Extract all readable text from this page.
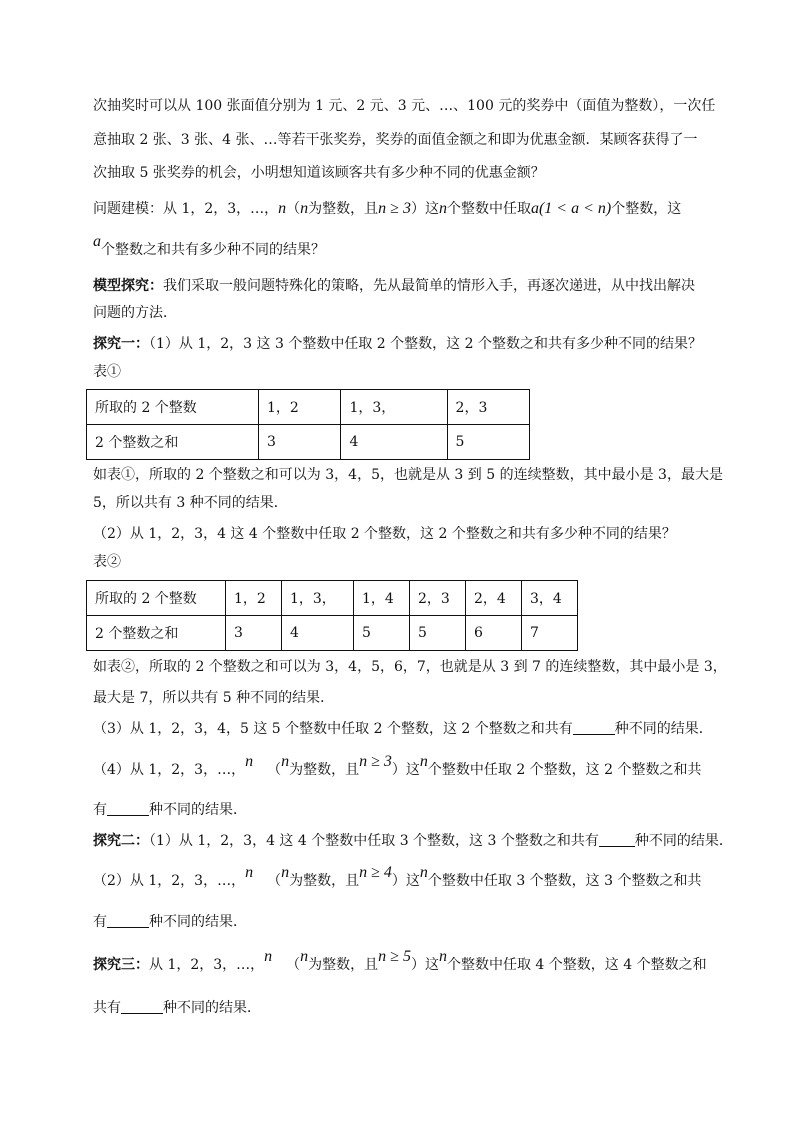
次抽奖时可以从 100 张面值分别为 1 元、2 元、3 元、…、100 元的奖券中（面值为整数），一次任
意抽取 2 张、3 张、4 张、…等若干张奖券，奖券的面值金额之和即为优惠金额．某顾客获得了一
次抽取 5 张奖券的机会，小明想知道该顾客共有多少种不同的优惠金额？
问题建模：从 1，2，3，…，n（n为整数，且n ≥ 3）这n个整数中任取a(1 < a < n)个整数，这
a个整数之和共有多少种不同的结果？
模型探究：我们采取一般问题特殊化的策略，先从最简单的情形入手，再逐次递进，从中找出解决
问题的方法．
探究一：（1）从 1，2，3 这 3 个整数中任取 2 个整数，这 2 个整数之和共有多少种不同的结果？
表①
所取的 2 个整数	1，2	1，3，	2，3
2 个整数之和	3	4	5
如表①，所取的 2 个整数之和可以为 3，4，5，也就是从 3 到 5 的连续整数，其中最小是 3，最大是
5，所以共有 3 种不同的结果．
（2）从 1，2，3，4 这 4 个整数中任取 2 个整数，这 2 个整数之和共有多少种不同的结果？
表②
所取的 2 个整数	1，2	1，3，	1，4	2，3	2，4	3，4
2 个整数之和	3	4	5	5	6	7
如表②，所取的 2 个整数之和可以为 3，4，5，6，7，也就是从 3 到 7 的连续整数，其中最小是 3，
最大是 7，所以共有 5 种不同的结果．
（3）从 1，2，3，4，5 这 5 个整数中任取 2 个整数，这 2 个整数之和共有	种不同的结果．
（4）从 1，2，3，…，n  （n为整数，且n ≥ 3）这n个整数中任取 2 个整数，这 2 个整数之和共
有	种不同的结果．
探究二：（1）从 1，2，3，4 这 4 个整数中任取 3 个整数，这 3 个整数之和共有	种不同的结果．
（2）从 1，2，3，…，n  （n为整数，且n ≥ 4）这n个整数中任取 3 个整数，这 3 个整数之和共
有	种不同的结果．
探究三：从 1，2，3，…，n  （n为整数，且n ≥ 5）这n个整数中任取 4 个整数，这 4 个整数之和
共有	种不同的结果．
